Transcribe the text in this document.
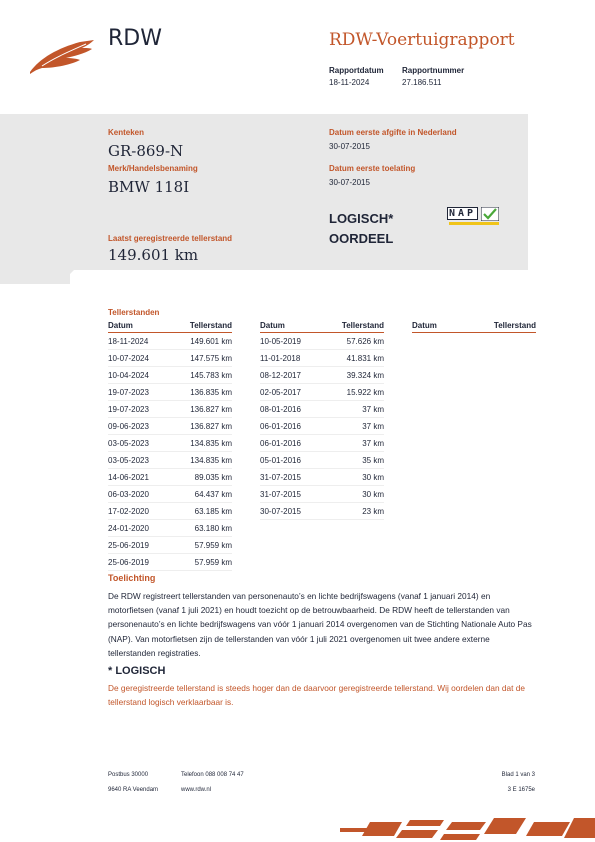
RDW	RDW-Voertuigrapport
Rapportdatum
18-11-2024
Rapportnummer
27.186.511
Kenteken
GR-869-N
Merk/Handelsbenaming
BMW 118I
Datum eerste afgifte in Nederland
30-07-2015
Datum eerste toelating
30-07-2015
LOGISCH*
OORDEEL
NAP
Laatst geregistreerde tellerstand
149.601 km
Tellerstanden
Datum	Tellerstand
18-11-2024	149.601 km
10-07-2024	147.575 km
10-04-2024	145.783 km
19-07-2023	136.835 km
19-07-2023	136.827 km
09-06-2023	136.827 km
03-05-2023	134.835 km
03-05-2023	134.835 km
14-06-2021	89.035 km
06-03-2020	64.437 km
17-02-2020	63.185 km
24-01-2020	63.180 km
25-06-2019	57.959 km
25-06-2019	57.959 km
Datum	Tellerstand
10-05-2019	57.626 km
11-01-2018	41.831 km
08-12-2017	39.324 km
02-05-2017	15.922 km
08-01-2016	37 km
06-01-2016	37 km
06-01-2016	37 km
05-01-2016	35 km
31-07-2015	30 km
31-07-2015	30 km
30-07-2015	23 km
Datum	Tellerstand
Toelichting
De RDW registreert tellerstanden van personenauto’s en lichte bedrijfswagens (vanaf 1 januari 2014) en motorfietsen (vanaf 1 juli 2021) en houdt toezicht op de betrouwbaarheid. De RDW heeft de tellerstanden van personenauto’s en lichte bedrijfswagens van vóór 1 januari 2014 overgenomen van de Stichting Nationale Auto Pas (NAP). Van motorfietsen zijn de tellerstanden van vóór 1 juli 2021 overgenomen uit twee andere externe tellerstanden registraties.
* LOGISCH
De geregistreerde tellerstand is steeds hoger dan de daarvoor geregistreerde tellerstand. Wij oordelen dan dat de tellerstand logisch verklaarbaar is.
Postbus 30000
9640 RA Veendam
Telefoon 088 008 74 47
www.rdw.nl
Blad 1 van 3
3 E 1675e
